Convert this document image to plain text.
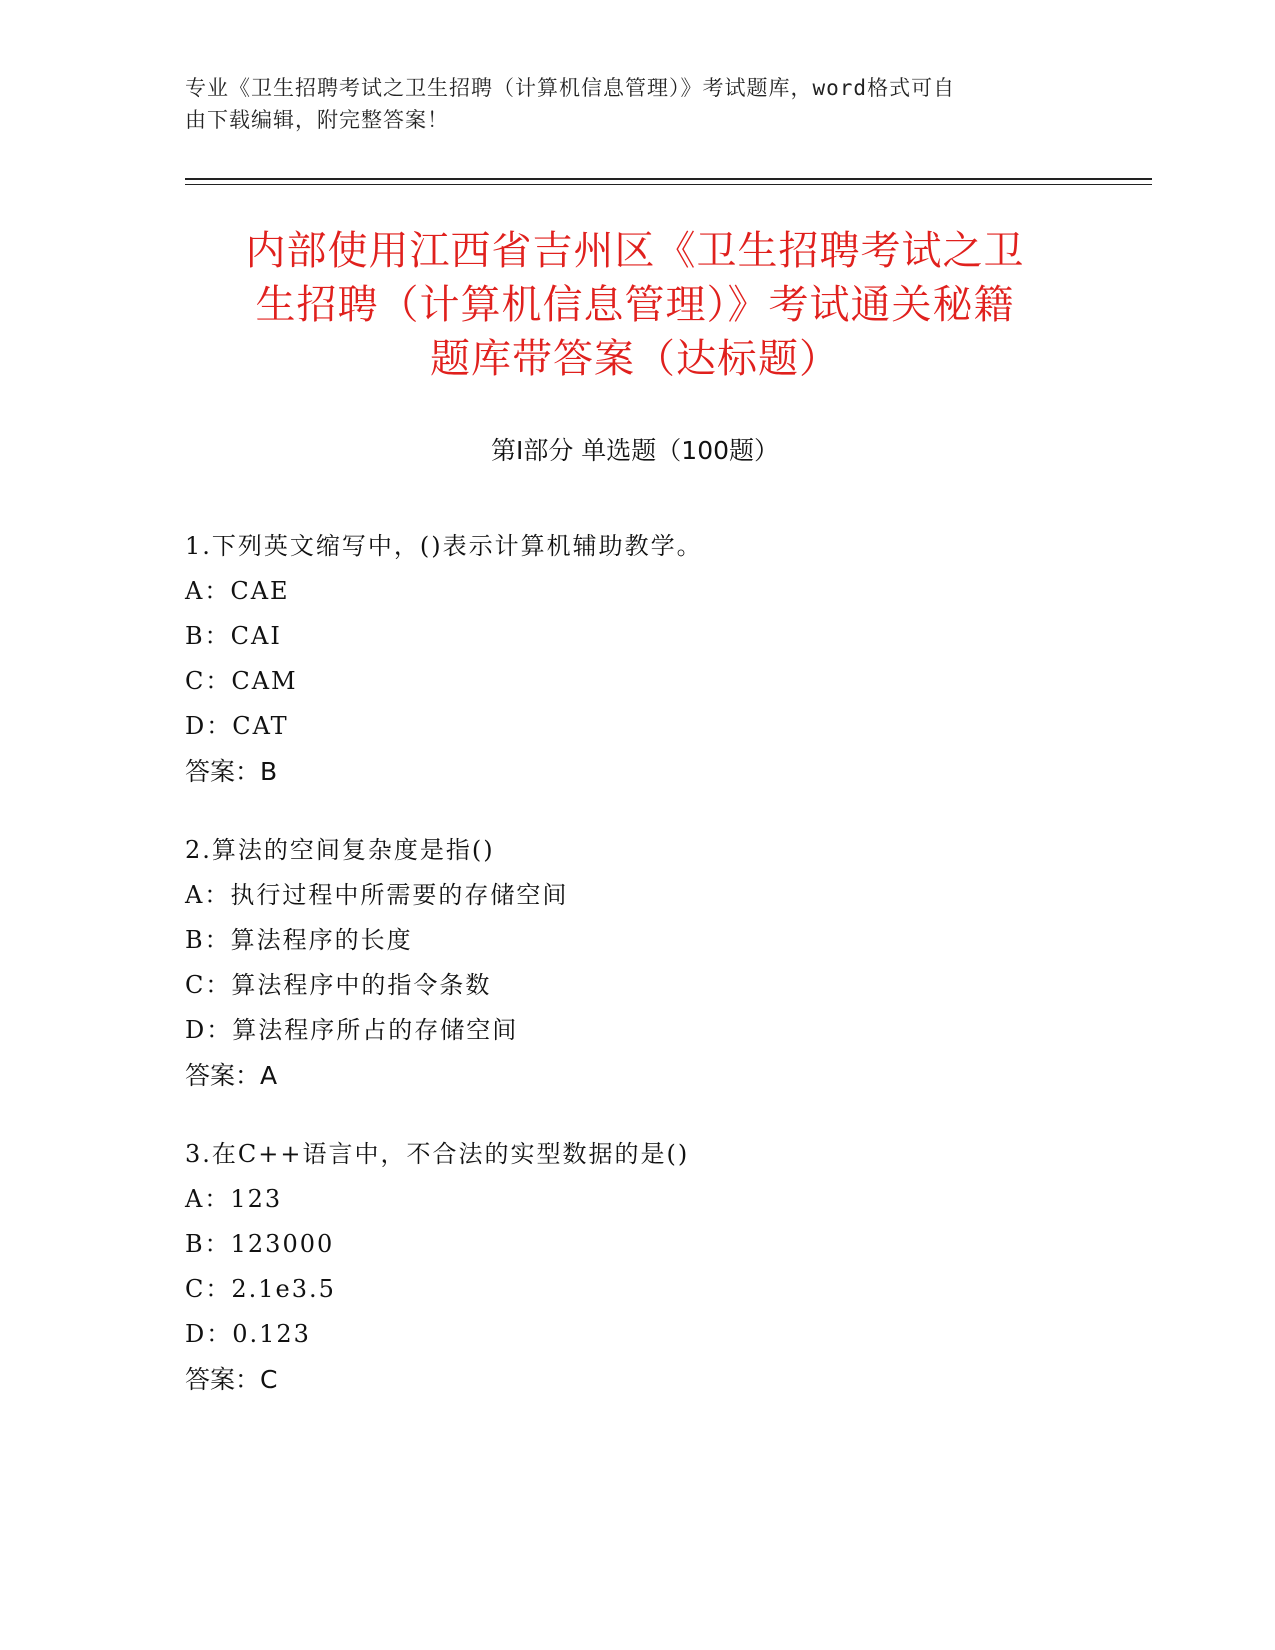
专业《卫生招聘考试之卫生招聘（计算机信息管理）》考试题库，word格式可自
由下载编辑，附完整答案！
内部使用江西省吉州区《卫生招聘考试之卫
生招聘（计算机信息管理）》考试通关秘籍
题库带答案（达标题）
第Ⅰ部分 单选题（100题）
1.下列英文缩写中，()表示计算机辅助教学。
A：CAE
B：CAI
C：CAM
D：CAT
答案：B
2.算法的空间复杂度是指()
A：执行过程中所需要的存储空间
B：算法程序的长度
C：算法程序中的指令条数
D：算法程序所占的存储空间
答案：A
3.在C++语言中，不合法的实型数据的是()
A：123
B：123000
C：2.1e3.5
D：0.123
答案：C
